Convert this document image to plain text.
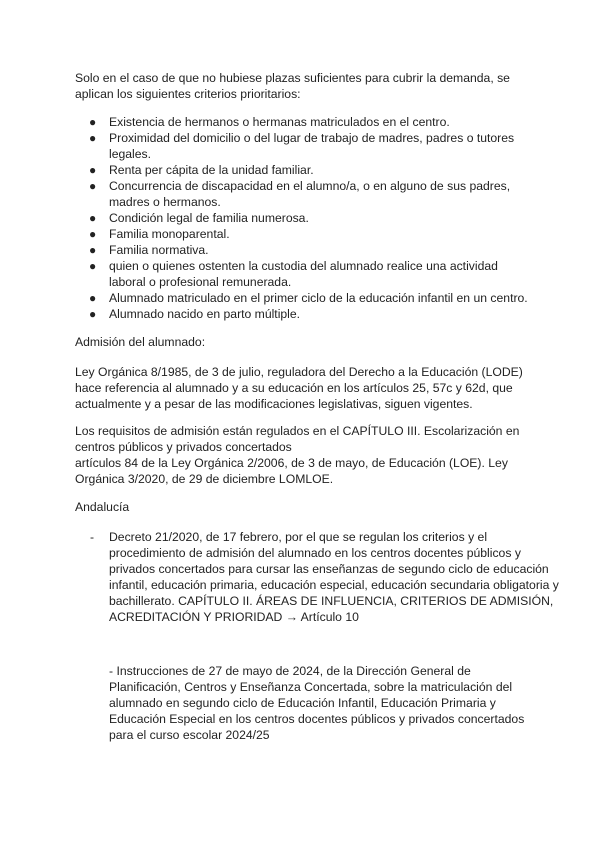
Solo en el caso de que no hubiese plazas suficientes para cubrir la demanda, se aplican los siguientes criterios prioritarios:

● Existencia de hermanos o hermanas matriculados en el centro.
● Proximidad del domicilio o del lugar de trabajo de madres, padres o tutores legales.
● Renta per cápita de la unidad familiar.
● Concurrencia de discapacidad en el alumno/a, o en alguno de sus padres, madres o hermanos.
● Condición legal de familia numerosa.
● Familia monoparental.
● Familia normativa.
● quien o quienes ostenten la custodia del alumnado realice una actividad laboral o profesional remunerada.
● Alumnado matriculado en el primer ciclo de la educación infantil en un centro.
● Alumnado nacido en parto múltiple.

Admisión del alumnado:

Ley Orgánica 8/1985, de 3 de julio, reguladora del Derecho a la Educación (LODE) hace referencia al alumnado y a su educación en los artículos 25, 57c y 62d, que actualmente y a pesar de las modificaciones legislativas, siguen vigentes.

Los requisitos de admisión están regulados en el CAPÍTULO III. Escolarización en centros públicos y privados concertados

artículos 84 de la Ley Orgánica 2/2006, de 3 de mayo, de Educación (LOE). Ley Orgánica 3/2020, de 29 de diciembre LOMLOE.

Andalucía

- Decreto 21/2020, de 17 febrero, por el que se regulan los criterios y el procedimiento de admisión del alumnado en los centros docentes públicos y privados concertados para cursar las enseñanzas de segundo ciclo de educación infantil, educación primaria, educación especial, educación secundaria obligatoria y bachillerato. CAPÍTULO II. ÁREAS DE INFLUENCIA, CRITERIOS DE ADMISIÓN, ACREDITACIÓN Y PRIORIDAD → Artículo 10

- Instrucciones de 27 de mayo de 2024, de la Dirección General de Planificación, Centros y Enseñanza Concertada, sobre la matriculación del alumnado en segundo ciclo de Educación Infantil, Educación Primaria y Educación Especial en los centros docentes públicos y privados concertados para el curso escolar 2024/25
